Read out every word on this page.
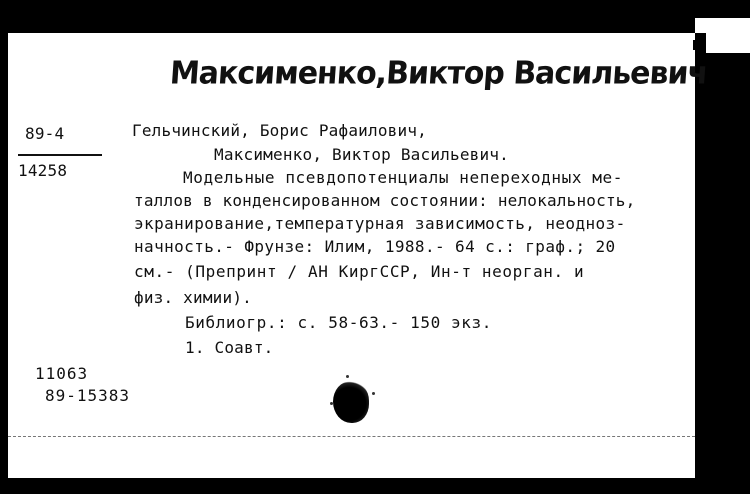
Максименко,Виктор Васильевич
89-4
14258
Гельчинский, Борис Рафаилович,
Максименко, Виктор Васильевич.
Модельные псевдопотенциалы непереходных ме-
таллов в конденсированном состоянии: нелокальность,
экранирование,температурная зависимость, неоднoз-
начность.- Фрунзе: Илим, 1988.- 64 с.: граф.; 20
см.- (Препринт / АН КиргССР, Ин-т неорган. и
физ. химии).
Библиогр.: с. 58-63.- 150 экз.
1. Соавт.
11063
89-15383
